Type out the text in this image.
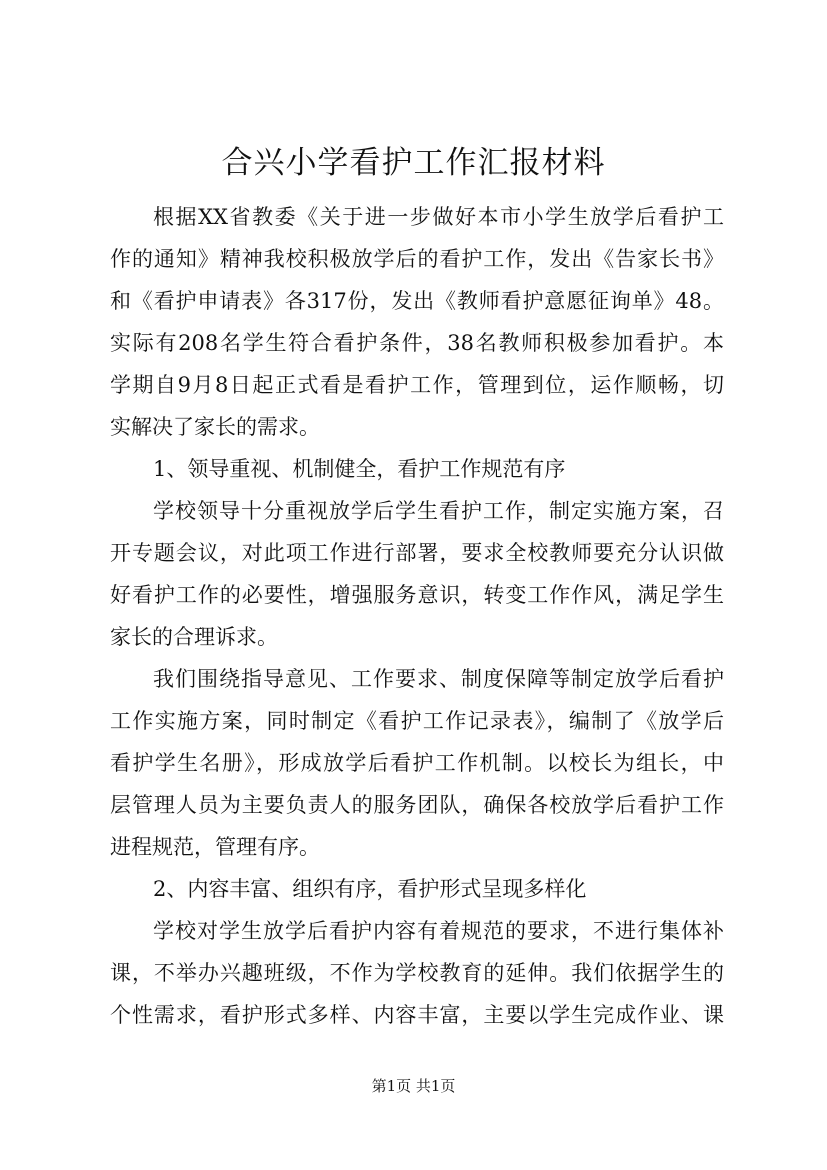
合兴小学看护工作汇报材料
根据XX省教委《关于进一步做好本市小学生放学后看护工
作的通知》精神我校积极放学后的看护工作，发出《告家长书》
和《看护申请表》各317份，发出《教师看护意愿征询单》48。
实际有208名学生符合看护条件，38名教师积极参加看护。本
学期自9月8日起正式看是看护工作，管理到位，运作顺畅，切
实解决了家长的需求。
1、领导重视、机制健全，看护工作规范有序
学校领导十分重视放学后学生看护工作，制定实施方案，召
开专题会议，对此项工作进行部署，要求全校教师要充分认识做
好看护工作的必要性，增强服务意识，转变工作作风，满足学生
家长的合理诉求。
我们围绕指导意见、工作要求、制度保障等制定放学后看护
工作实施方案，同时制定《看护工作记录表》，编制了《放学后
看护学生名册》，形成放学后看护工作机制。以校长为组长，中
层管理人员为主要负责人的服务团队，确保各校放学后看护工作
进程规范，管理有序。
2、内容丰富、组织有序，看护形式呈现多样化
学校对学生放学后看护内容有着规范的要求，不进行集体补
课，不举办兴趣班级，不作为学校教育的延伸。我们依据学生的
个性需求，看护形式多样、内容丰富，主要以学生完成作业、课
第1页 共1页
